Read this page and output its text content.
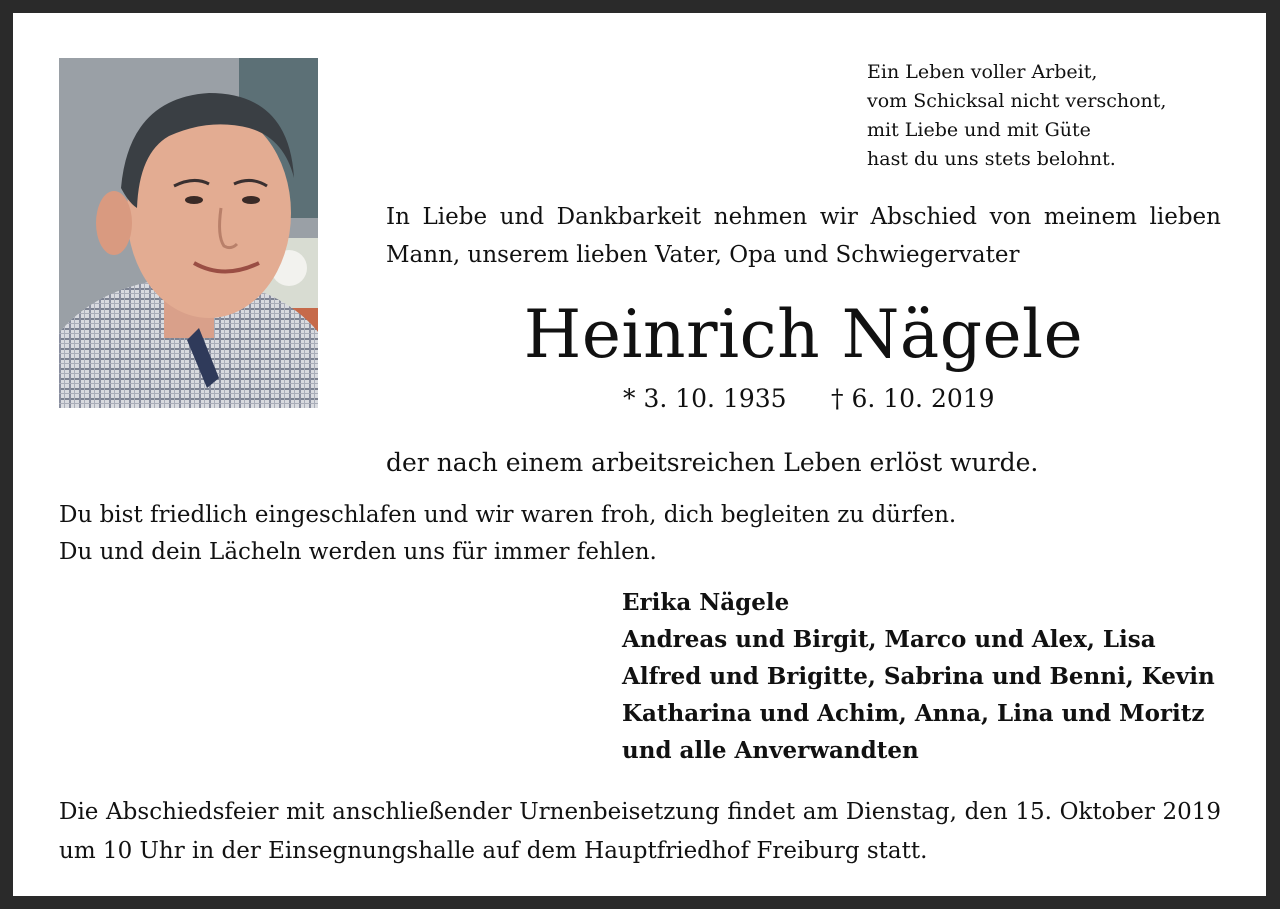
Ein Leben voller Arbeit,
vom Schicksal nicht verschont,
mit Liebe und mit Güte
hast du uns stets belohnt.
In Liebe und Dankbarkeit nehmen wir Abschied von meinem lieben
Mann, unserem lieben Vater, Opa und Schwiegervater
Heinrich Nägele
* 3. 10. 1935 † 6. 10. 2019
der nach einem arbeitsreichen Leben erlöst wurde.
Du bist friedlich eingeschlafen und wir waren froh, dich begleiten zu dürfen.
Du und dein Lächeln werden uns für immer fehlen.
Erika Nägele
Andreas und Birgit, Marco und Alex, Lisa
Alfred und Brigitte, Sabrina und Benni, Kevin
Katharina und Achim, Anna, Lina und Moritz
und alle Anverwandten
Die Abschiedsfeier mit anschließender Urnenbeisetzung findet am Dienstag, den 15. Oktober 2019
um 10 Uhr in der Einsegnungshalle auf dem Hauptfriedhof Freiburg statt.
